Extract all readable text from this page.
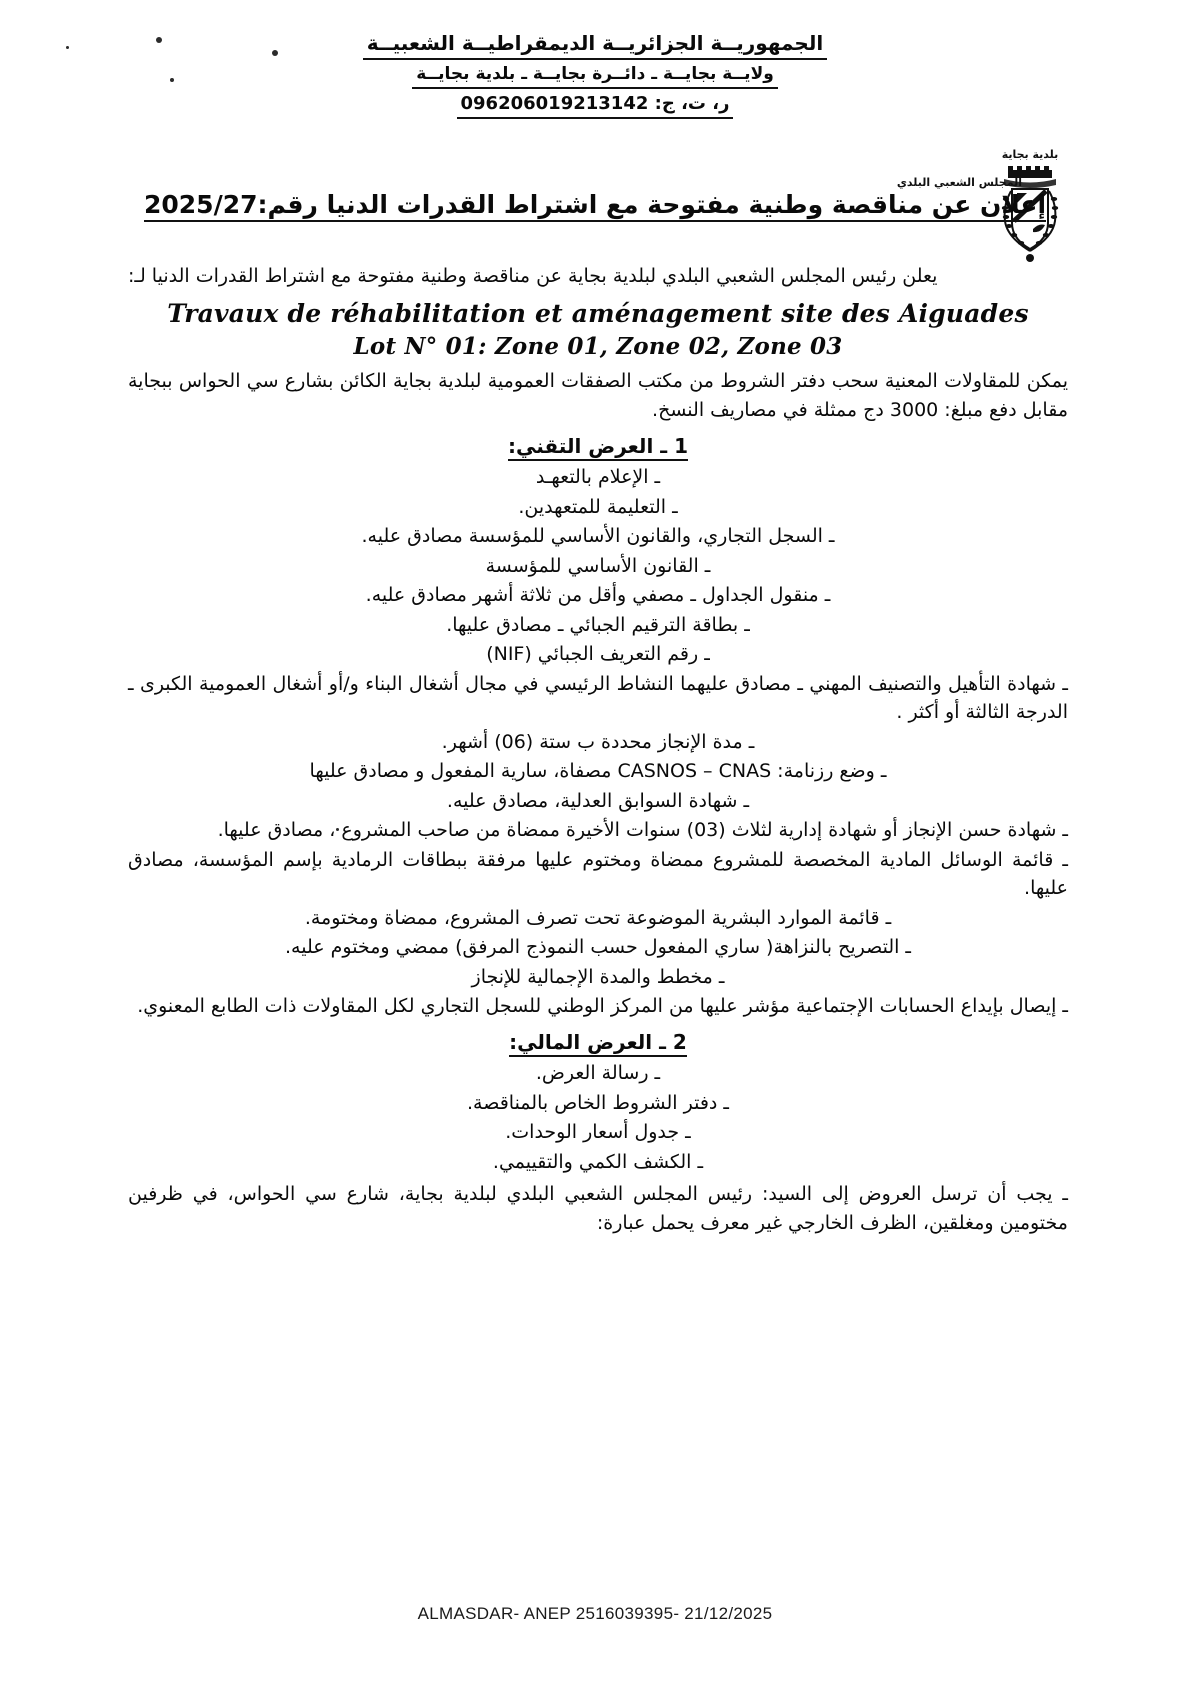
الجمهوريــة الجزائريــة الديمقراطيــة الشعبيــة
ولايــة بجايــة ـ دائــرة بجايــة ـ بلدية بجايــة
ر، ت، ج: 096206019213142
بلدية بجاية
المجلس الشعبي البلدي
إعلان عن مناقصة وطنية مفتوحة مع اشتراط القدرات الدنيا رقم:2025/27

يعلن رئيس المجلس الشعبي البلدي لبلدية بجاية عن مناقصة وطنية مفتوحة مع اشتراط القدرات الدنيا لـ:

Travaux de réhabilitation et aménagement site des Aiguades
Lot N° 01: Zone 01, Zone 02, Zone 03

يمكن للمقاولات المعنية سحب دفتر الشروط من مكتب الصفقات العمومية لبلدية بجاية الكائن بشارع سي الحواس ببجاية مقابل دفع مبلغ: 3000 دج ممثلة في مصاريف النسخ.

1 ـ العرض التقني:
ـ الإعلام بالتعهـد
ـ التعليمة للمتعهدين.
ـ السجل التجاري، والقانون الأساسي للمؤسسة مصادق عليه.
ـ القانون الأساسي للمؤسسة
ـ منقول الجداول ـ مصفي وأقل من ثلاثة أشهر مصادق عليه.
ـ بطاقة الترقيم الجبائي ـ مصادق عليها.
ـ رقم التعريف الجبائي (NIF)
ـ شهادة التأهيل والتصنيف المهني ـ مصادق عليهما النشاط الرئيسي في مجال أشغال البناء و/أو أشغال العمومية الكبرى ـ الدرجة الثالثة أو أكثر .
ـ مدة الإنجاز محددة ب ستة (06) أشهر.
ـ وضع رزنامة: CASNOS – CNAS مصفاة، سارية المفعول و مصادق عليها
ـ شهادة السوابق العدلية، مصادق عليه.
ـ شهادة حسن الإنجاز أو شهادة إدارية لثلاث (03) سنوات الأخيرة ممضاة من صاحب المشروع ، مصادق عليها.
ـ قائمة الوسائل المادية المخصصة للمشروع ممضاة ومختوم عليها مرفقة ببطاقات الرمادية بإسم المؤسسة، مصادق عليها.
ـ قائمة الموارد البشرية الموضوعة تحت تصرف المشروع، ممضاة ومختومة.
ـ التصريح بالنزاهة( ساري المفعول حسب النموذج المرفق) ممضي ومختوم عليه.
ـ مخطط والمدة الإجمالية للإنجاز
ـ إيصال بإيداع الحسابات الإجتماعية مؤشر عليها من المركز الوطني للسجل التجاري لكل المقاولات ذات الطابع المعنوي.
2 ـ العرض المالي:
ـ رسالة العرض.
ـ دفتر الشروط الخاص بالمناقصة.
ـ جدول أسعار الوحدات.
ـ الكشف الكمي والتقييمي.

ـ يجب أن ترسل العروض إلى السيد: رئيس المجلس الشعبي البلدي لبلدية بجاية، شارع سي الحواس، في ظرفين مختومين ومغلقين، الظرف الخارجي غير معرف يحمل عبارة:

ALMASDAR- ANEP 2516039395- 21/12/2025
